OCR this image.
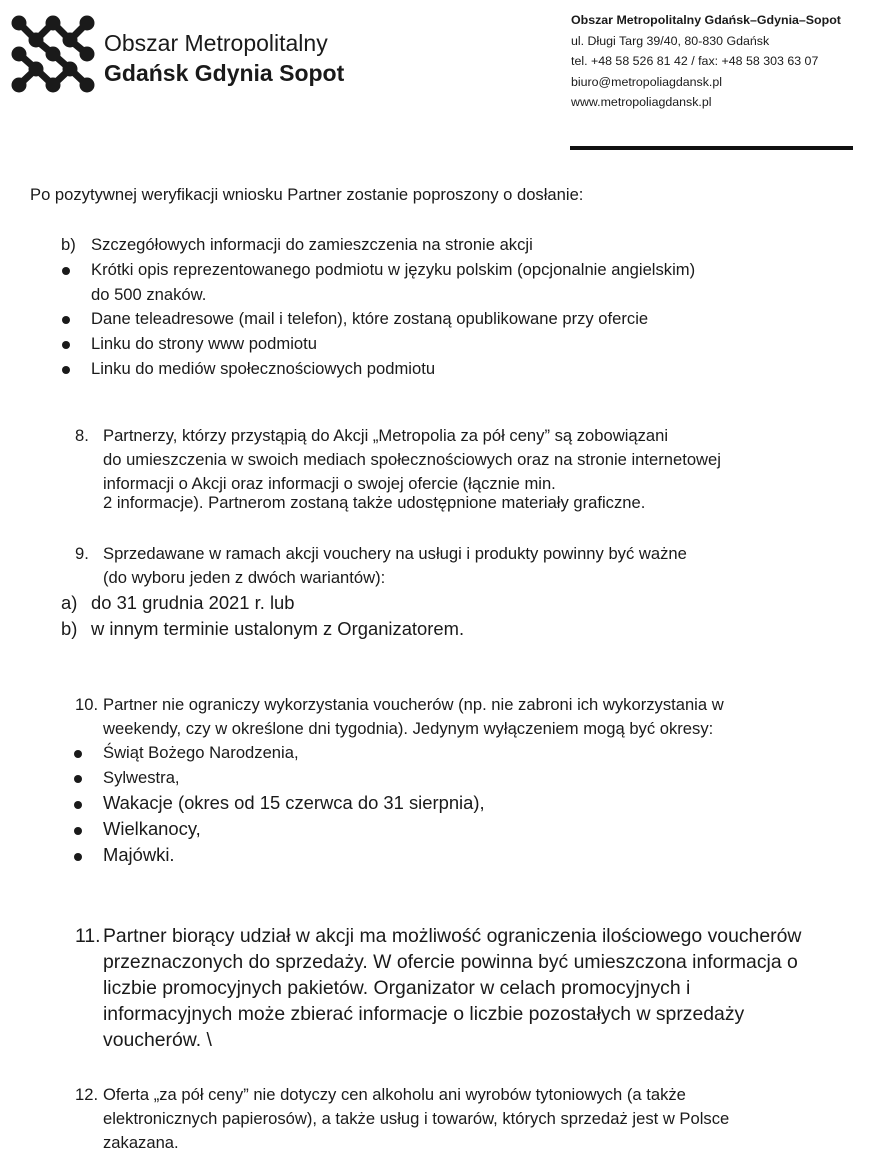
Obszar Metropolitalny
Gdańsk Gdynia Sopot
Obszar Metropolitalny Gdańsk–Gdynia–Sopot
ul. Długi Targ 39/40, 80-830 Gdańsk
tel. +48 58 526 81 42 / fax: +48 58 303 63 07
biuro@metropoliagdansk.pl
www.metropoliagdansk.pl
Po pozytywnej weryfikacji wniosku Partner zostanie poproszony o dosłanie:
b) Szczegółowych informacji do zamieszczenia na stronie akcji
Krótki opis reprezentowanego podmiotu w języku polskim (opcjonalnie angielskim)
do 500 znaków.
Dane teleadresowe (mail i telefon), które zostaną opublikowane przy ofercie
Linku do strony www podmiotu
Linku do mediów społecznościowych podmiotu
8. Partnerzy, którzy przystąpią do Akcji „Metropolia za pół ceny” są zobowiązani
do umieszczenia w swoich mediach społecznościowych oraz na stronie internetowej
informacji o Akcji oraz informacji o swojej ofercie (łącznie min.
2 informacje). Partnerom zostaną także udostępnione materiały graficzne.
9. Sprzedawane w ramach akcji vouchery na usługi i produkty powinny być ważne
(do wyboru jeden z dwóch wariantów):
a) do 31 grudnia 2021 r. lub
b) w innym terminie ustalonym z Organizatorem.
10. Partner nie ograniczy wykorzystania voucherów (np. nie zabroni ich wykorzystania w
weekendy, czy w określone dni tygodnia). Jedynym wyłączeniem mogą być okresy:
Świąt Bożego Narodzenia,
Sylwestra,
Wakacje (okres od 15 czerwca do 31 sierpnia),
Wielkanocy,
Majówki.
11. Partner biorący udział w akcji ma możliwość ograniczenia ilościowego voucherów
przeznaczonych do sprzedaży. W ofercie powinna być umieszczona informacja o
liczbie promocyjnych pakietów. Organizator w celach promocyjnych i
informacyjnych może zbierać informacje o liczbie pozostałych w sprzedaży
voucherów. \
12. Oferta „za pół ceny” nie dotyczy cen alkoholu ani wyrobów tytoniowych (a także
elektronicznych papierosów), a także usług i towarów, których sprzedaż jest w Polsce
zakazana.
